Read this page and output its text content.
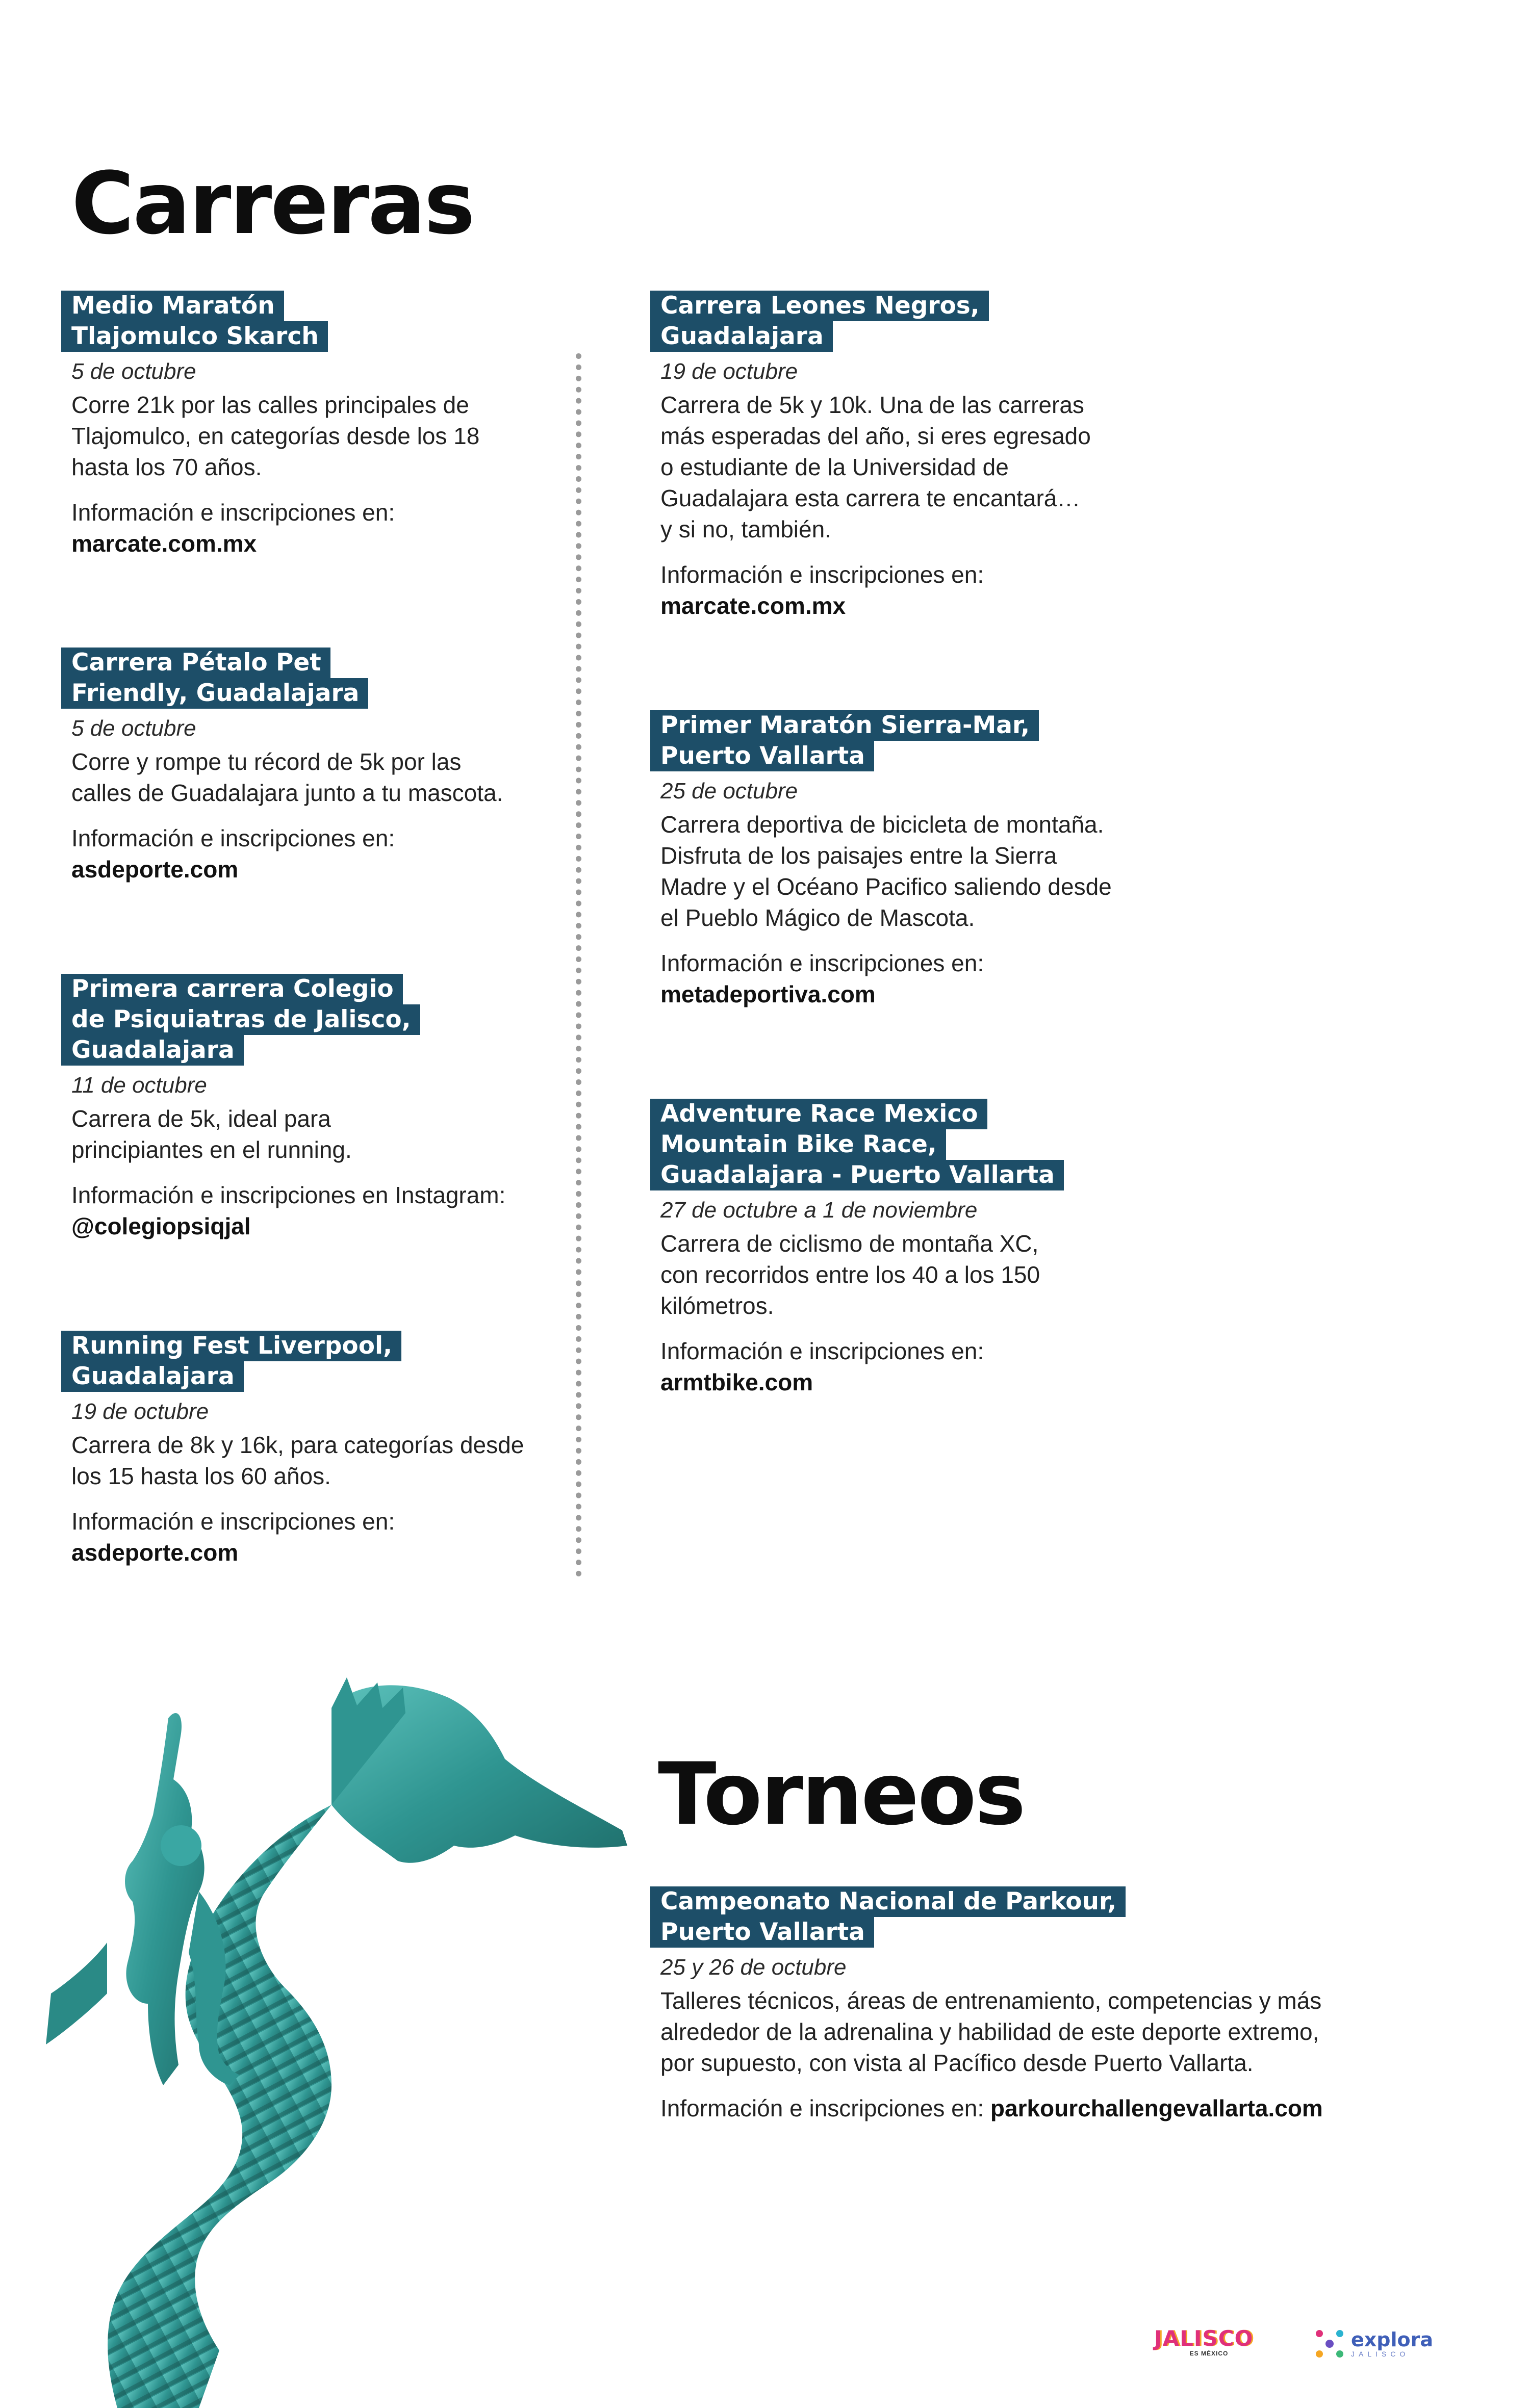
Carreras
Medio Maratón
Tlajomulco Skarch
5 de octubre
Corre 21k por las calles principales de
Tlajomulco, en categorías desde los 18
hasta los 70 años.
Información e inscripciones en:
marcate.com.mx
Carrera Pétalo Pet
Friendly, Guadalajara
5 de octubre
Corre y rompe tu récord de 5k por las
calles de Guadalajara junto a tu mascota.
Información e inscripciones en:
asdeporte.com
Primera carrera Colegio
de Psiquiatras de Jalisco,
Guadalajara
11 de octubre
Carrera de 5k, ideal para
principiantes en el running.
Información e inscripciones en Instagram:
@colegiopsiqjal
Running Fest Liverpool,
Guadalajara
19 de octubre
Carrera de 8k y 16k, para categorías desde
los 15 hasta los 60 años.
Información e inscripciones en:
asdeporte.com
Carrera Leones Negros,
Guadalajara
19 de octubre
Carrera de 5k y 10k. Una de las carreras
más esperadas del año, si eres egresado
o estudiante de la Universidad de
Guadalajara esta carrera te encantará…
y si no, también.
Información e inscripciones en:
marcate.com.mx
Primer Maratón Sierra-Mar,
Puerto Vallarta
25 de octubre
Carrera deportiva de bicicleta de montaña.
Disfruta de los paisajes entre la Sierra
Madre y el Océano Pacifico saliendo desde
el Pueblo Mágico de Mascota.
Información e inscripciones en:
metadeportiva.com
Adventure Race Mexico
Mountain Bike Race,
Guadalajara - Puerto Vallarta
27 de octubre a 1 de noviembre
Carrera de ciclismo de montaña XC,
con recorridos entre los 40 a los 150
kilómetros.
Información e inscripciones en:
armtbike.com
Torneos
Campeonato Nacional de Parkour,
Puerto Vallarta
25 y 26 de octubre
Talleres técnicos, áreas de entrenamiento, competencias y más
alrededor de la adrenalina y habilidad de este deporte extremo,
por supuesto, con vista al Pacífico desde Puerto Vallarta.
Información e inscripciones en: parkourchallengevallarta.com
JALISCO
ES MÉXICO
explora
JALISCO
